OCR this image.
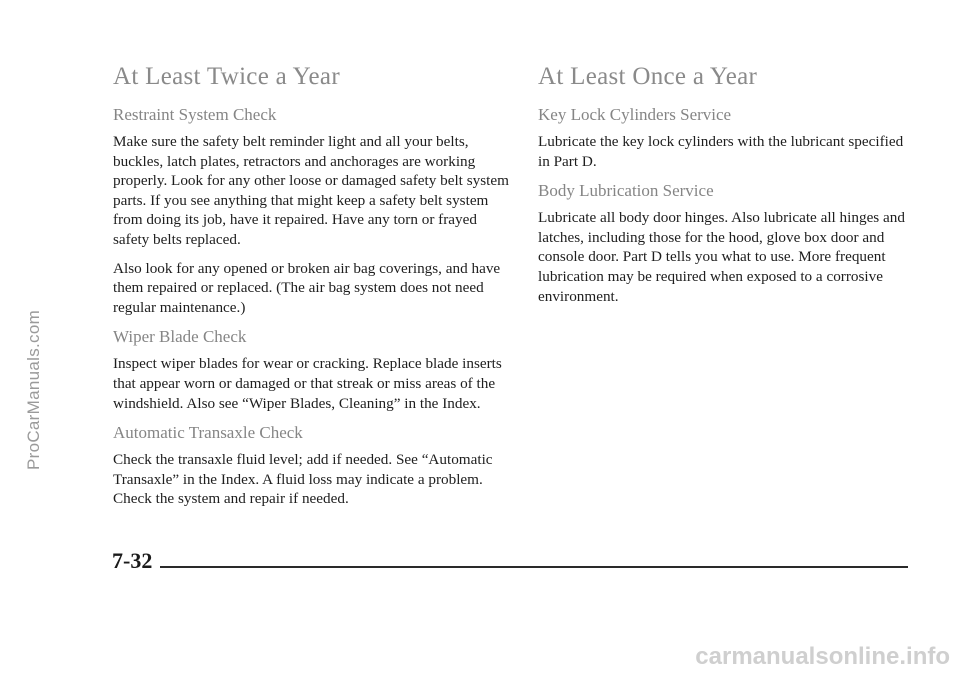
ProCarManuals.com
At Least Twice a Year
Restraint System Check

Make sure the safety belt reminder light and all your belts, buckles, latch plates, retractors and anchorages are working properly. Look for any other loose or damaged safety belt system parts. If you see anything that might keep a safety belt system from doing its job, have it repaired. Have any torn or frayed safety belts replaced.

Also look for any opened or broken air bag coverings, and have them repaired or replaced. (The air bag system does not need regular maintenance.)

Wiper Blade Check

Inspect wiper blades for wear or cracking. Replace blade inserts that appear worn or damaged or that streak or miss areas of the windshield. Also see “Wiper Blades, Cleaning” in the Index.

Automatic Transaxle Check

Check the transaxle fluid level; add if needed. See “Automatic Transaxle” in the Index. A fluid loss may indicate a problem. Check the system and repair if needed.

At Least Once a Year
Key Lock Cylinders Service

Lubricate the key lock cylinders with the lubricant specified in Part D.

Body Lubrication Service

Lubricate all body door hinges. Also lubricate all hinges and latches, including those for the hood, glove box door and console door. Part D tells you what to use. More frequent lubrication may be required when exposed to a corrosive environment.

7-32
carmanualsonline.info
